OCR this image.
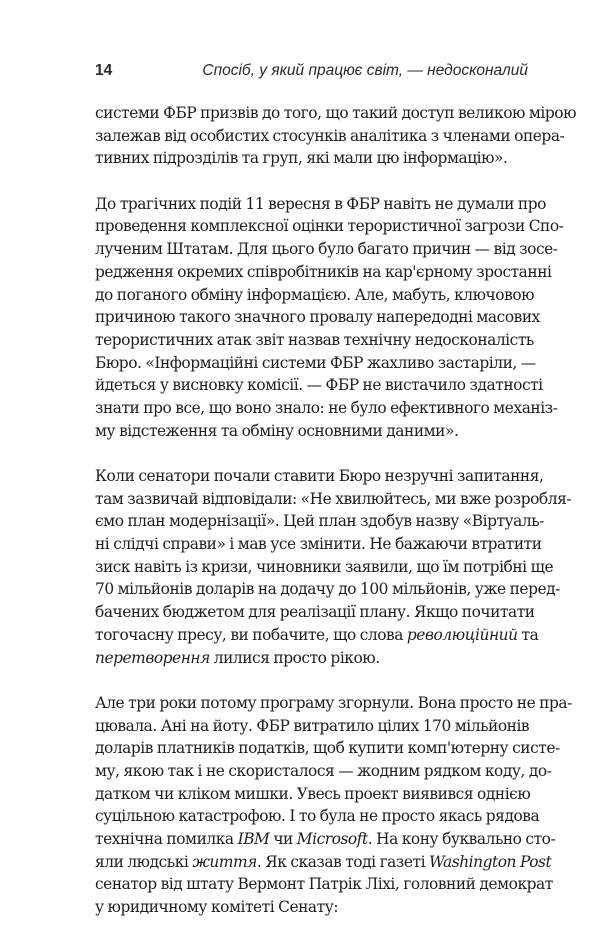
14	Спосіб, у який працює світ, — недосконалий
системи ФБР призвів до того, що такий доступ великою мірою
залежав від особистих стосунків аналітика з членами опера-
тивних підрозділів та груп, які мали цю інформацію».
До трагічних подій 11 вересня в ФБР навіть не думали про
проведення комплексної оцінки терористичної загрози Спо-
лученим Штатам. Для цього було багато причин — від зосе-
редження окремих співробітників на кар'єрному зростанні
до поганого обміну інформацією. Але, мабуть, ключовою
причиною такого значного провалу напередодні масових
терористичних атак звіт назвав технічну недосконалість
Бюро. «Інформаційні системи ФБР жахливо застаріли, —
йдеться у висновку комісії. — ФБР не вистачило здатності
знати про все, що воно знало: не було ефективного механіз-
му відстеження та обміну основними даними».
Коли сенатори почали ставити Бюро незручні запитання,
там зазвичай відповідали: «Не хвилюйтесь, ми вже розробля-
ємо план модернізації». Цей план здобув назву «Віртуаль-
ні слідчі справи» і мав усе змінити. Не бажаючи втратити
зиск навіть із кризи, чиновники заявили, що їм потрібні ще
70 мільйонів доларів на додачу до 100 мільйонів, уже перед-
бачених бюджетом для реалізації плану. Якщо почитати
тогочасну пресу, ви побачите, що слова революційний та
перетворення лилися просто рікою.
Але три роки потому програму згорнули. Вона просто не пра-
цювала. Ані на йоту. ФБР витратило цілих 170 мільйонів
доларів платників податків, щоб купити комп'ютерну систе-
му, якою так і не скористалося — жодним рядком коду, до-
датком чи кліком мишки. Увесь проект виявився однією
суцільною катастрофою. І то була не просто якась рядова
технічна помилка IBM чи Microsoft. На кону буквально сто-
яли людські життя. Як сказав тоді газеті Washington Post
сенатор від штату Вермонт Патрік Ліхі, головний демократ
у юридичному комітеті Сенату:
